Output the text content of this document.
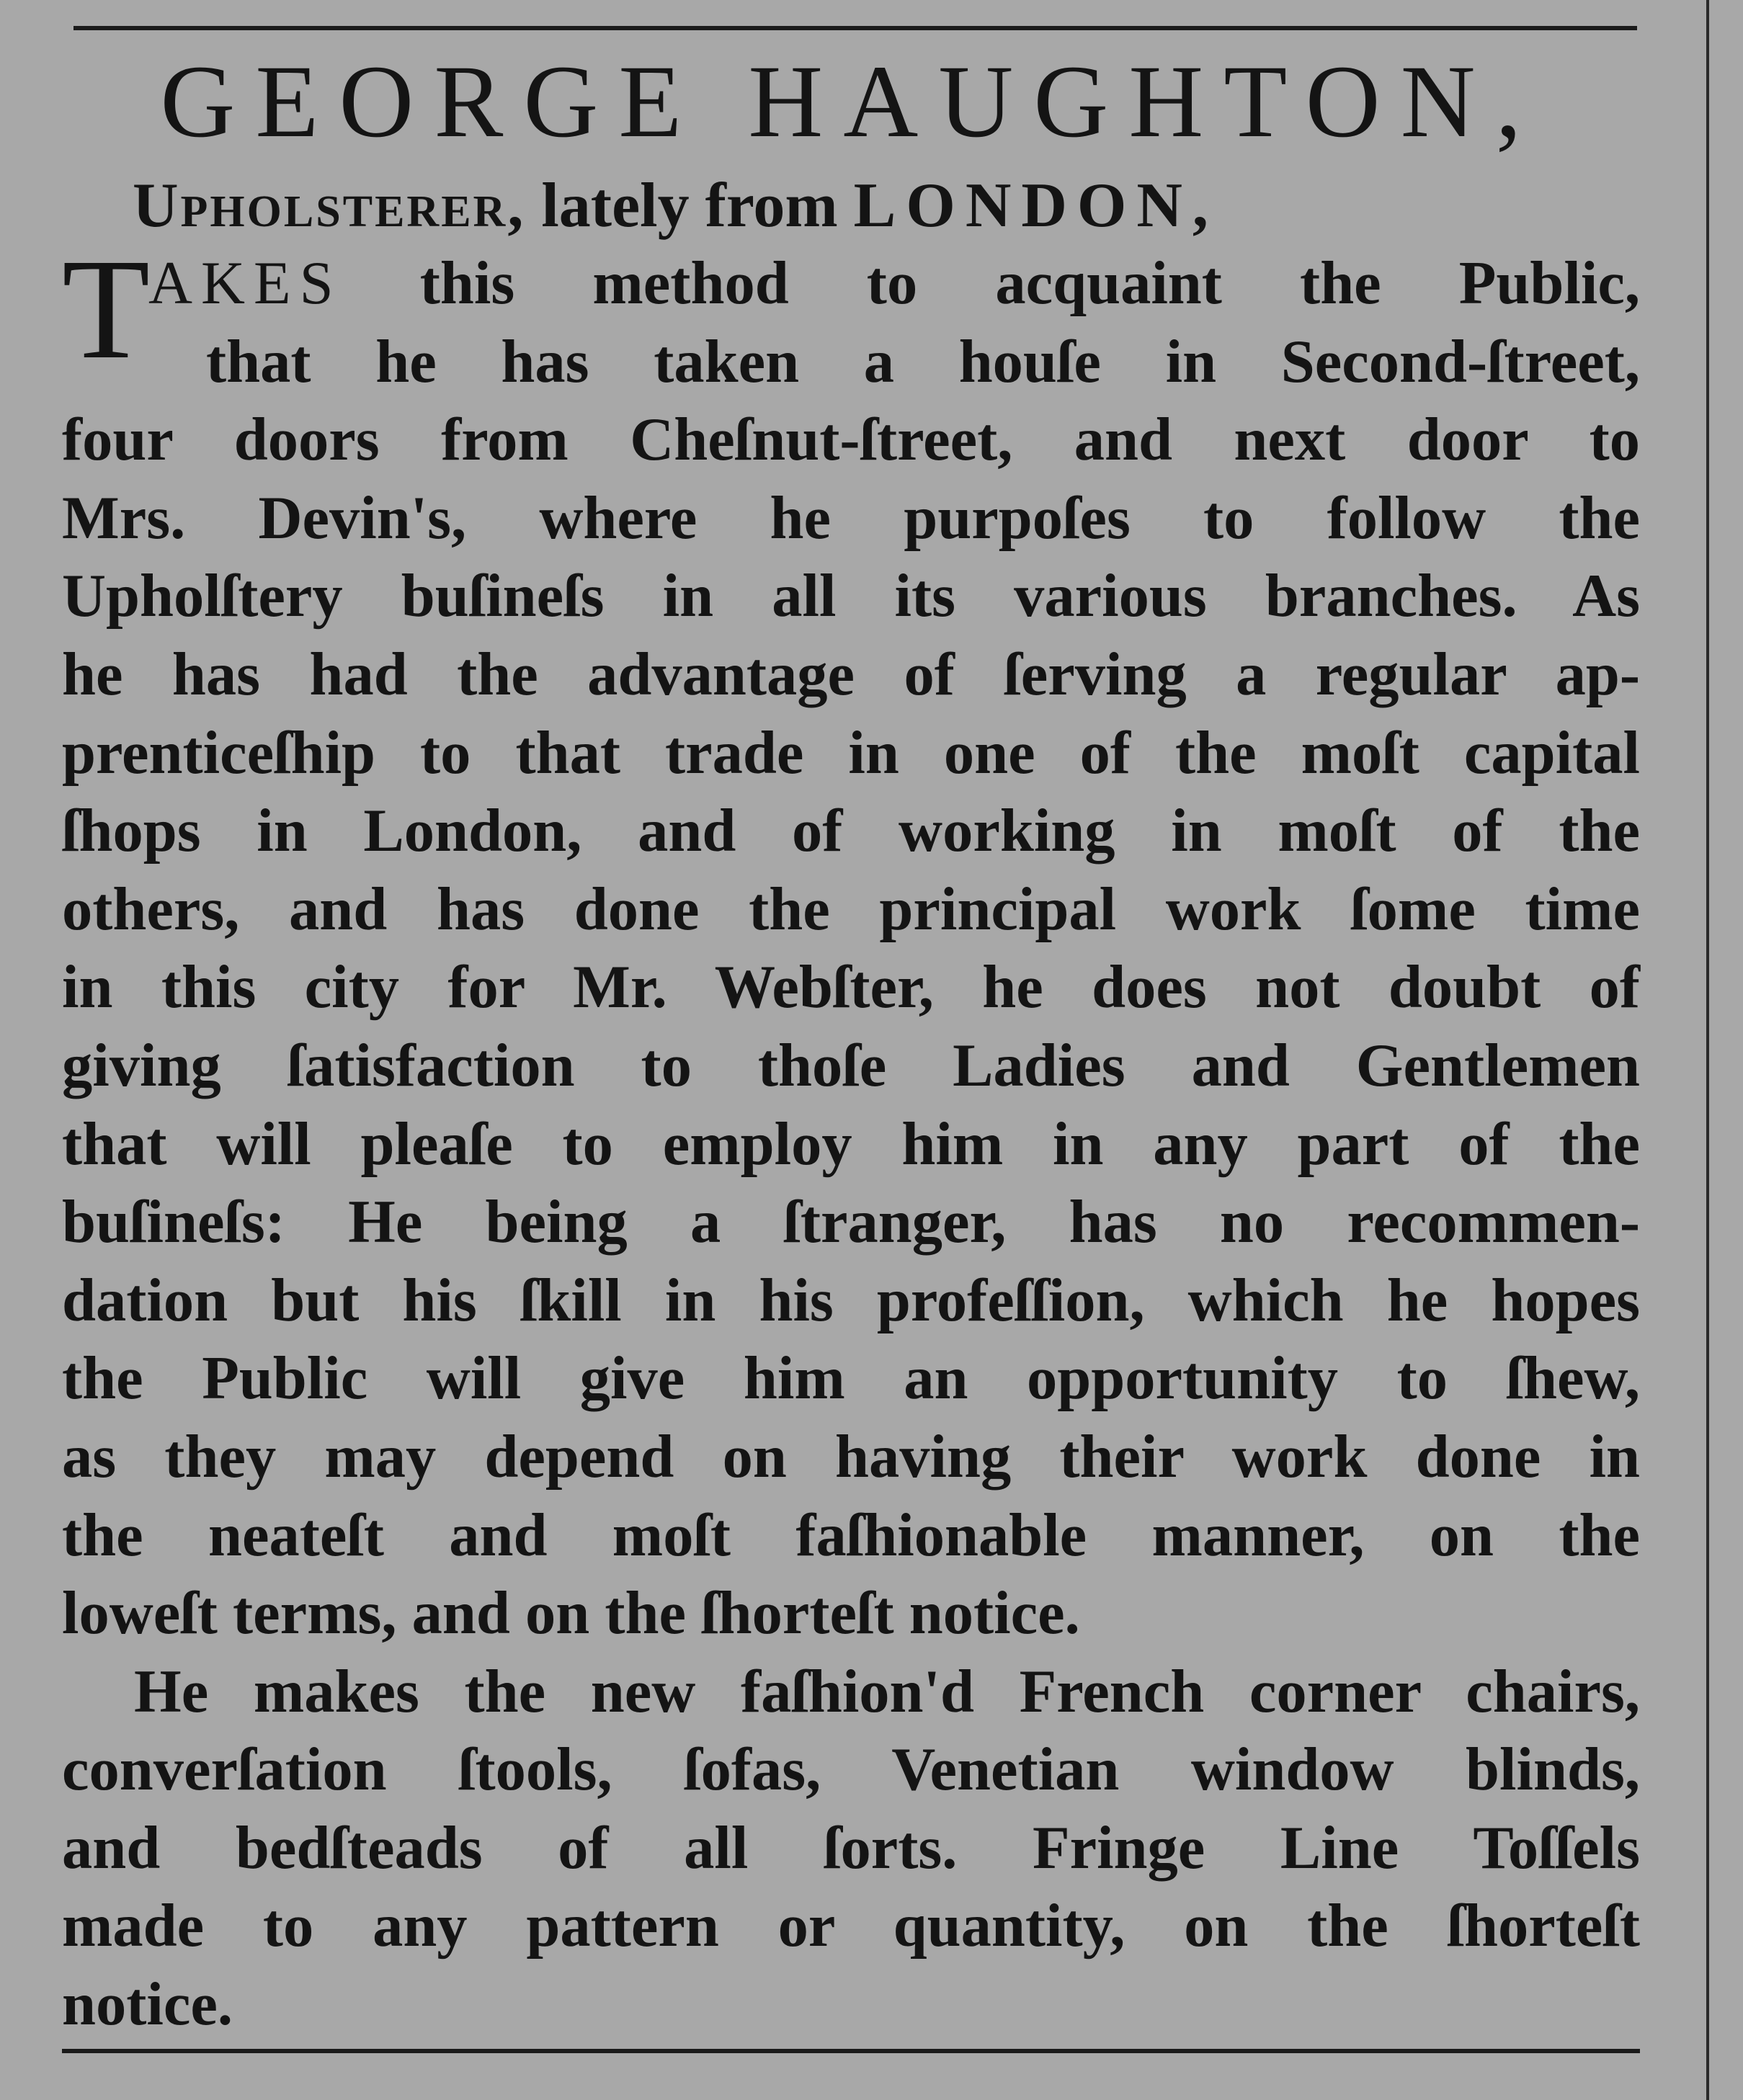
GEORGE HAUGHTON,
Upholsterer, lately from LONDON,
T
AKES this method to acquaint the Public,
that he has taken a houſe in Second-ſtreet,
four doors from Cheſnut-ſtreet, and next door to
Mrs. Devin's, where he purpoſes to follow the
Upholſtery buſineſs in all its various branches. As
he has had the advantage of ſerving a regular ap-
prenticeſhip to that trade in one of the moſt capital
ſhops in London, and of working in moſt of the
others, and has done the principal work ſome time
in this city for Mr. Webſter, he does not doubt of
giving ſatisfaction to thoſe Ladies and Gentlemen
that will pleaſe to employ him in any part of the
buſineſs: He being a ſtranger, has no recommen-
dation but his ſkill in his profeſſion, which he hopes
the Public will give him an opportunity to ſhew,
as they may depend on having their work done in
the neateſt and moſt faſhionable manner, on the
loweſt terms, and on the ſhorteſt notice.
He makes the new faſhion'd French corner chairs,
converſation ſtools, ſofas, Venetian window blinds,
and bedſteads of all ſorts. Fringe Line Toſſels
made to any pattern or quantity, on the ſhorteſt
notice.
